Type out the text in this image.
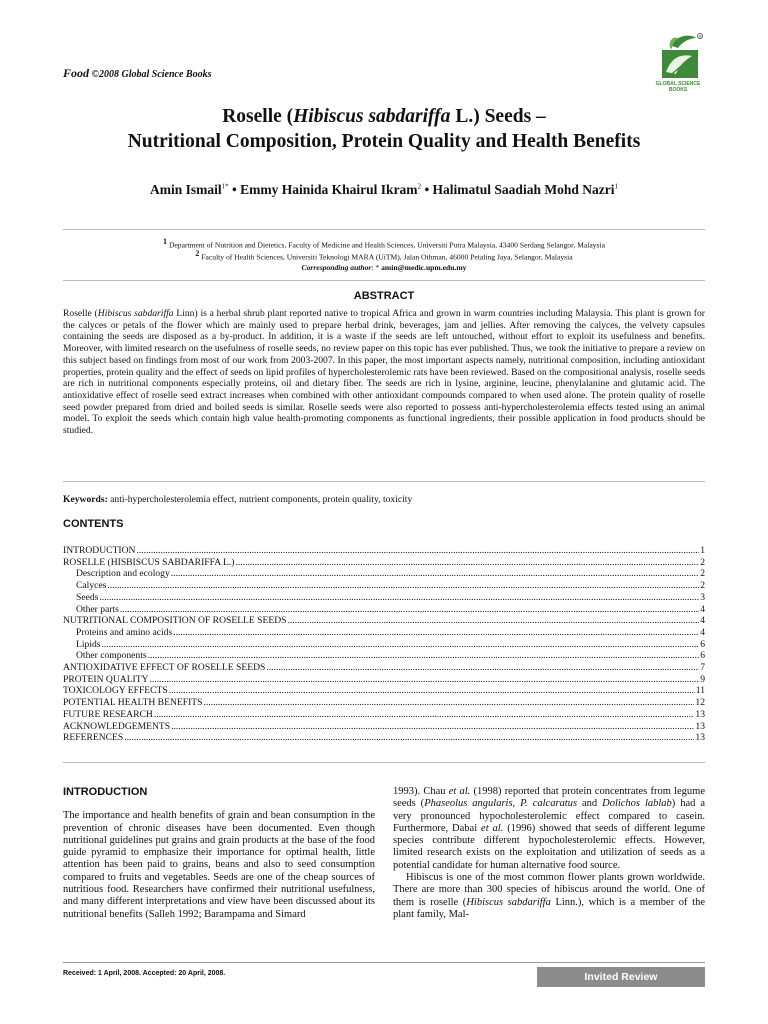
Food ©2008 Global Science Books
R
GLOBAL SCIENCE BOOKS
Roselle (Hibiscus sabdariffa L.) Seeds –
Nutritional Composition, Protein Quality and Health Benefits
Amin Ismail$^{1*}$ • Emmy Hainida Khairul Ikram$^2$ • Halimatul Saadiah Mohd Nazri$^1$
$^1$ Department of Nutrition and Dietetics, Faculty of Medicine and Health Sciences, Universiti Putra Malaysia, 43400 Serdang Selangor, Malaysia
$^2$ Faculty of Health Sciences, Universiti Teknologi MARA (UiTM), Jalan Othman, 46000 Petaling Jaya, Selangor, Malaysia
Corresponding author: * amin@medic.upm.edu.my
ABSTRACT
Roselle (Hibiscus sabdariffa Linn) is a herbal shrub plant reported native to tropical Africa and grown in warm countries including Malaysia. This plant is grown for the calyces or petals of the flower which are mainly used to prepare herbal drink, beverages, jam and jellies. After removing the calyces, the velvety capsules containing the seeds are disposed as a by-product. In addition, it is a waste if the seeds are left untouched, without effort to exploit its usefulness and benefits. Moreover, with limited research on the usefulness of roselle seeds, no review paper on this topic has ever published. Thus, we took the initiative to prepare a review on this subject based on findings from most of our work from 2003-2007. In this paper, the most important aspects namely, nutritional composition, including antioxidant properties, protein quality and the effect of seeds on lipid profiles of hypercholesterolemic rats have been reviewed. Based on the compositional analysis, roselle seeds are rich in nutritional components especially proteins, oil and dietary fiber. The seeds are rich in lysine, arginine, leucine, phenylalanine and glutamic acid. The antioxidative effect of roselle seed extract increases when combined with other antioxidant compounds compared to when used alone. The protein quality of roselle seed powder prepared from dried and boiled seeds is similar. Roselle seeds were also reported to possess anti-hypercholesterolemia effects tested using an animal model. To exploit the seeds which contain high value health-promoting components as functional ingredients, their possible application in food products should be studied.
Keywords: anti-hypercholesterolemia effect, nutrient components, protein quality, toxicity
CONTENTS
INTRODUCTION .....	1
ROSELLE (HISBISCUS SABDARIFFA L.) .....	2
Description and ecology .....	2
Calyces .....	2
Seeds .....	3
Other parts .....	4
NUTRITIONAL COMPOSITION OF ROSELLE SEEDS .....	4
Proteins and amino acids .....	4
Lipids .....	6
Other components .....	6
ANTIOXIDATIVE EFFECT OF ROSELLE SEEDS .....	7
PROTEIN QUALITY .....	9
TOXICOLOGY EFFECTS .....	11
POTENTIAL HEALTH BENEFITS .....	12
FUTURE RESEARCH .....	13
ACKNOWLEDGEMENTS .....	13
REFERENCES .....	13

INTRODUCTION

The importance and health benefits of grain and bean consumption in the prevention of chronic diseases have been documented. Even though nutritional guidelines put grains and grain products at the base of the food guide pyramid to emphasize their importance for optimal health, little attention has been paid to grains, beans and also to seed consumption compared to fruits and vegetables. Seeds are one of the cheap sources of nutritious food. Researchers have confirmed their nutritional usefulness, and many different interpretations and view have been discussed about its nutritional benefits (Salleh 1992; Barampama and Simard

1993). Chau et al. (1998) reported that protein concentrates from legume seeds (Phaseolus angularis, P. calcaratus and Dolichos lablab) had a very pronounced hypocholesterolemic effect compared to casein. Furthermore, Dabai et al. (1996) showed that seeds of different legume species contribute different hypocholesterolemic effects. However, limited research exists on the exploitation and utilization of seeds as a potential candidate for human alternative food source.

Hibiscus is one of the most common flower plants grown worldwide. There are more than 300 species of hibiscus around the world. One of them is roselle (Hibiscus sabdariffa Linn.), which is a member of the plant family, Mal-

Received: 1 April, 2008. Accepted: 20 April, 2008.	Invited Review
